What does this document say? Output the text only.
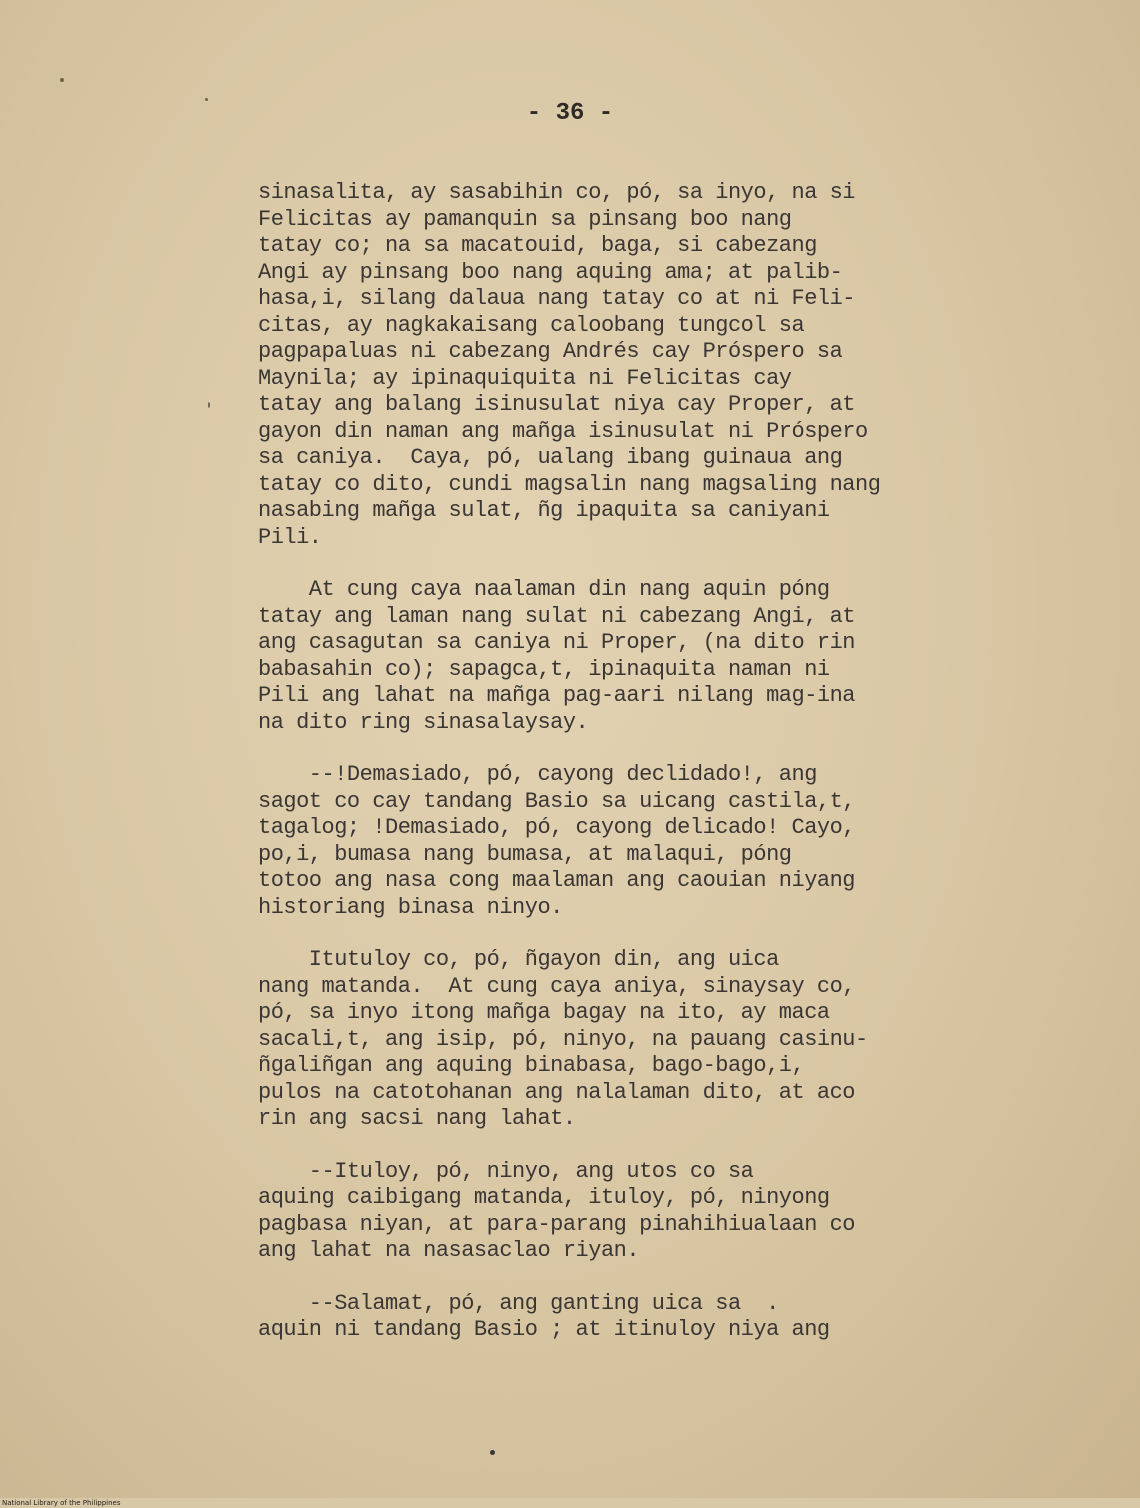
- 36 -
sinasalita, ay sasabihin co, pó, sa inyo, na si
Felicitas ay pamanquin sa pinsang boo nang
tatay co; na sa macatouid, baga, si cabezang
Angi ay pinsang boo nang aquing ama; at palib-
hasa,i, silang dalaua nang tatay co at ni Feli-
citas, ay nagkakaisang caloobang tungcol sa
pagpapaluas ni cabezang Andrés cay Próspero sa
Maynila; ay ipinaquiquita ni Felicitas cay
tatay ang balang isinusulat niya cay Proper, at
gayon din naman ang mañga isinusulat ni Próspero
sa caniya.  Caya, pó, ualang ibang guinaua ang
tatay co dito, cundi magsalin nang magsaling nang
nasabing mañga sulat, ñg ipaquita sa caniyani
Pili.
At cung caya naalaman din nang aquin póng
tatay ang laman nang sulat ni cabezang Angi, at
ang casagutan sa caniya ni Proper, (na dito rin
babasahin co); sapagca,t, ipinaquita naman ni
Pili ang lahat na mañga pag-aari nilang mag-ina
na dito ring sinasalaysay.
--!Demasiado, pó, cayong declidado!, ang
sagot co cay tandang Basio sa uicang castila,t,
tagalog; !Demasiado, pó, cayong delicado! Cayo,
po,i, bumasa nang bumasa, at malaqui, póng
totoo ang nasa cong maalaman ang caouian niyang
historiang binasa ninyo.
Itutuloy co, pó, ñgayon din, ang uica
nang matanda.  At cung caya aniya, sinaysay co,
pó, sa inyo itong mañga bagay na ito, ay maca
sacali,t, ang isip, pó, ninyo, na pauang casinu-
ñgaliñgan ang aquing binabasa, bago-bago,i,
pulos na catotohanan ang nalalaman dito, at aco
rin ang sacsi nang lahat.
--Ituloy, pó, ninyo, ang utos co sa
aquing caibigang matanda, ituloy, pó, ninyong
pagbasa niyan, at para-parang pinahihiualaan co
ang lahat na nasasaclao riyan.
--Salamat, pó, ang ganting uica sa  .
aquin ni tandang Basio ; at itinuloy niya ang
National Library of the Philippines
